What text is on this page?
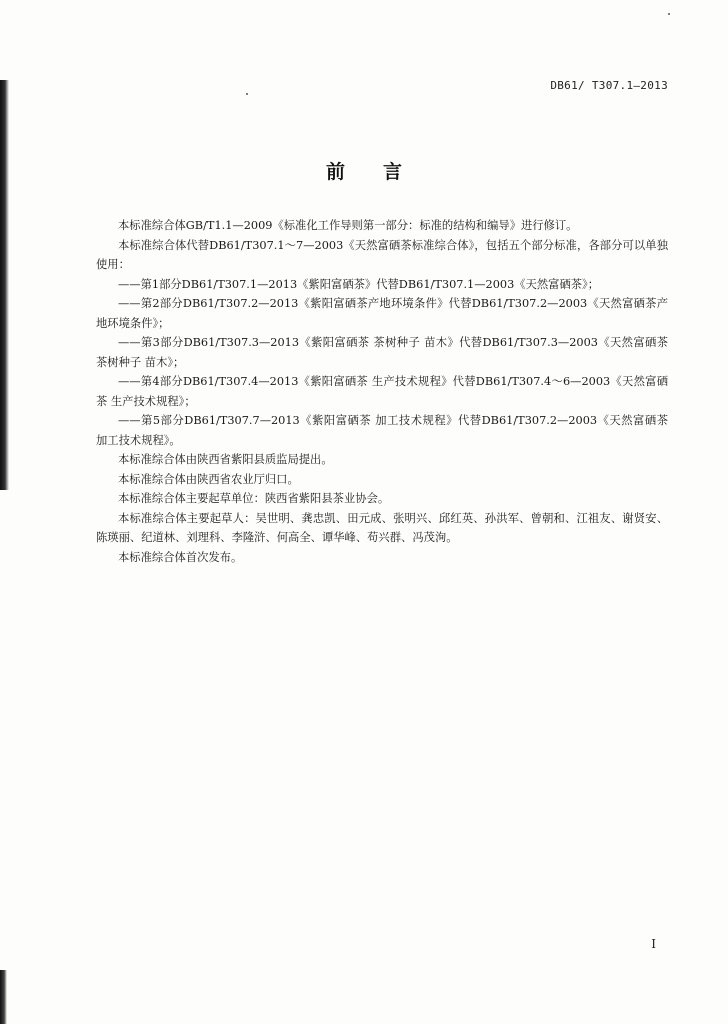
DB61/ T307.1—2013
前言

本标准综合体GB/T1.1—2009《标准化工作导则第一部分：标准的结构和编导》进行修订。

本标准综合体代替DB61/T307.1～7—2003《天然富硒茶标准综合体》，包括五个部分标准，各部分可以单独使用：

——第1部分DB61/T307.1—2013《紫阳富硒茶》代替DB61/T307.1—2003《天然富硒茶》；

——第2部分DB61/T307.2—2013《紫阳富硒茶产地环境条件》代替DB61/T307.2—2003《天然富硒茶产地环境条件》；

——第3部分DB61/T307.3—2013《紫阳富硒茶 茶树种子 苗木》代替DB61/T307.3—2003《天然富硒茶 茶树种子 苗木》；

——第4部分DB61/T307.4—2013《紫阳富硒茶 生产技术规程》代替DB61/T307.4～6—2003《天然富硒茶 生产技术规程》；

——第5部分DB61/T307.7—2013《紫阳富硒茶 加工技术规程》代替DB61/T307.2—2003《天然富硒茶 加工技术规程》。

本标准综合体由陕西省紫阳县质监局提出。

本标准综合体由陕西省农业厅归口。

本标准综合体主要起草单位：陕西省紫阳县茶业协会。

本标准综合体主要起草人：吴世明、龚忠凯、田元成、张明兴、邱红英、孙洪军、曾朝和、江祖友、谢贤安、陈瑛丽、纪道林、刘理科、李隆浒、何高全、谭华峰、苟兴群、冯茂洵。

本标准综合体首次发布。

I
